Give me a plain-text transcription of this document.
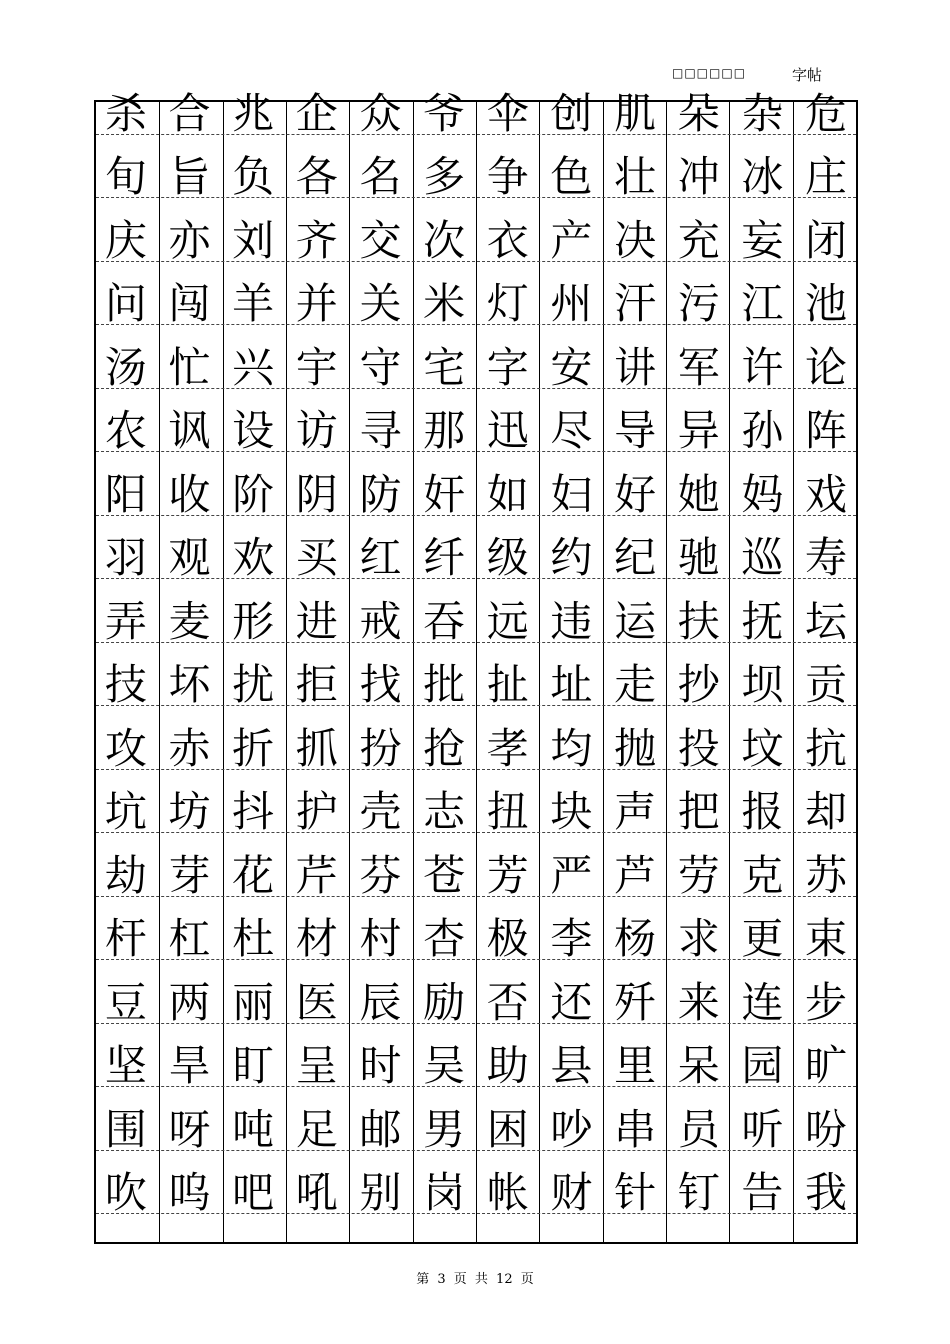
□□□□□□	字帖
杀 合 兆 企 众 爷 伞 创 肌 朵 杂 危
旬 旨 负 各 名 多 争 色 壮 冲 冰 庄
庆 亦 刘 齐 交 次 衣 产 决 充 妄 闭
问 闯 羊 并 关 米 灯 州 汗 污 江 池
汤 忙 兴 宇 守 宅 字 安 讲 军 许 论
农 讽 设 访 寻 那 迅 尽 导 异 孙 阵
阳 收 阶 阴 防 奸 如 妇 好 她 妈 戏
羽 观 欢 买 红 纤 级 约 纪 驰 巡 寿
弄 麦 形 进 戒 吞 远 违 运 扶 抚 坛
技 坏 扰 拒 找 批 扯 址 走 抄 坝 贡
攻 赤 折 抓 扮 抢 孝 均 抛 投 坟 抗
坑 坊 抖 护 壳 志 扭 块 声 把 报 却
劫 芽 花 芹 芬 苍 芳 严 芦 劳 克 苏
杆 杠 杜 材 村 杏 极 李 杨 求 更 束
豆 两 丽 医 辰 励 否 还 歼 来 连 步
坚 旱 盯 呈 时 吴 助 县 里 呆 园 旷
围 呀 吨 足 邮 男 困 吵 串 员 听 吩
吹 呜 吧 吼 别 岗 帐 财 针 钉 告 我
第 3 页 共 12 页
